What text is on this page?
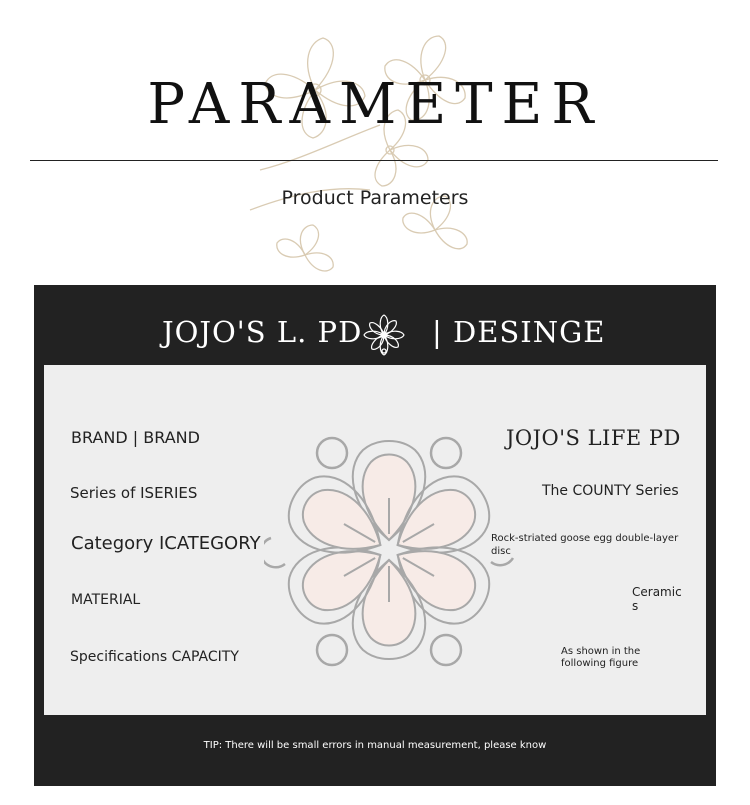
PARAMETER
Product Parameters
JOJO'S L. PD | DESINGE
BRAND | BRAND
Series of ISERIES
Category ICATEGORY
MATERIAL
Specifications CAPACITY
JOJO'S LIFE PD
The COUNTY Series
Rock-striated goose egg double-layer disc
Ceramics
As shown in the following figure
TIP: There will be small errors in manual measurement, please know
